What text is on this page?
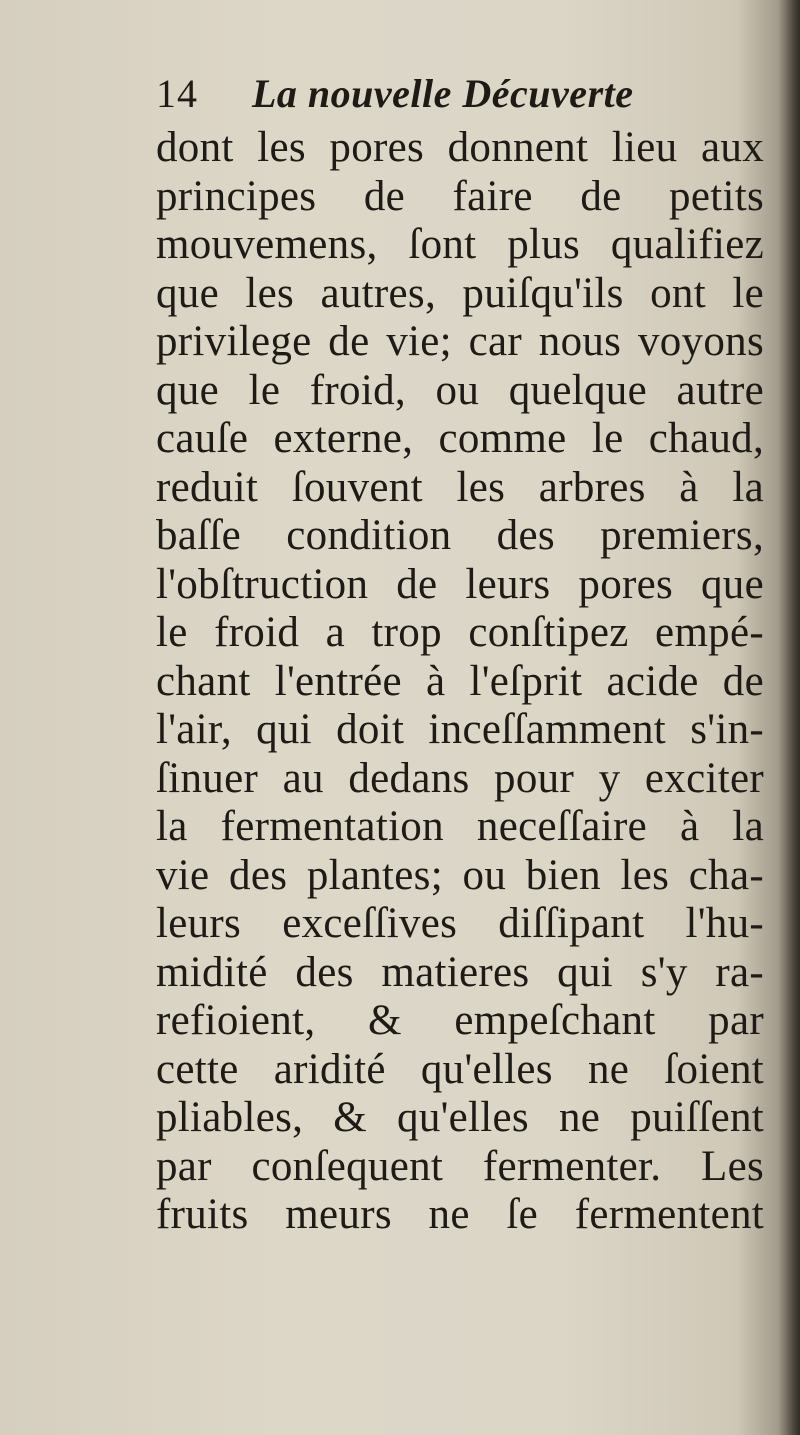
14	La nouvelle Décuverte
dont les pores donnent lieu aux
principes de faire de petits
mouvemens, ſont plus qualifiez
que les autres, puiſqu'ils ont le
privilege de vie; car nous voyons
que le froid, ou quelque autre
cauſe externe, comme le chaud,
reduit ſouvent les arbres à la
baſſe condition des premiers,
l'obſtruction de leurs pores que
le froid a trop conſtipez empé-
chant l'entrée à l'eſprit acide de
l'air, qui doit inceſſamment s'in-
ſinuer au dedans pour y exciter
la fermentation neceſſaire à la
vie des plantes; ou bien les cha-
leurs exceſſives diſſipant l'hu-
midité des matieres qui s'y ra-
refioient, & empeſchant par
cette aridité qu'elles ne ſoient
pliables, & qu'elles ne puiſſent
par conſequent fermenter. Les
fruits meurs ne ſe fermentent
